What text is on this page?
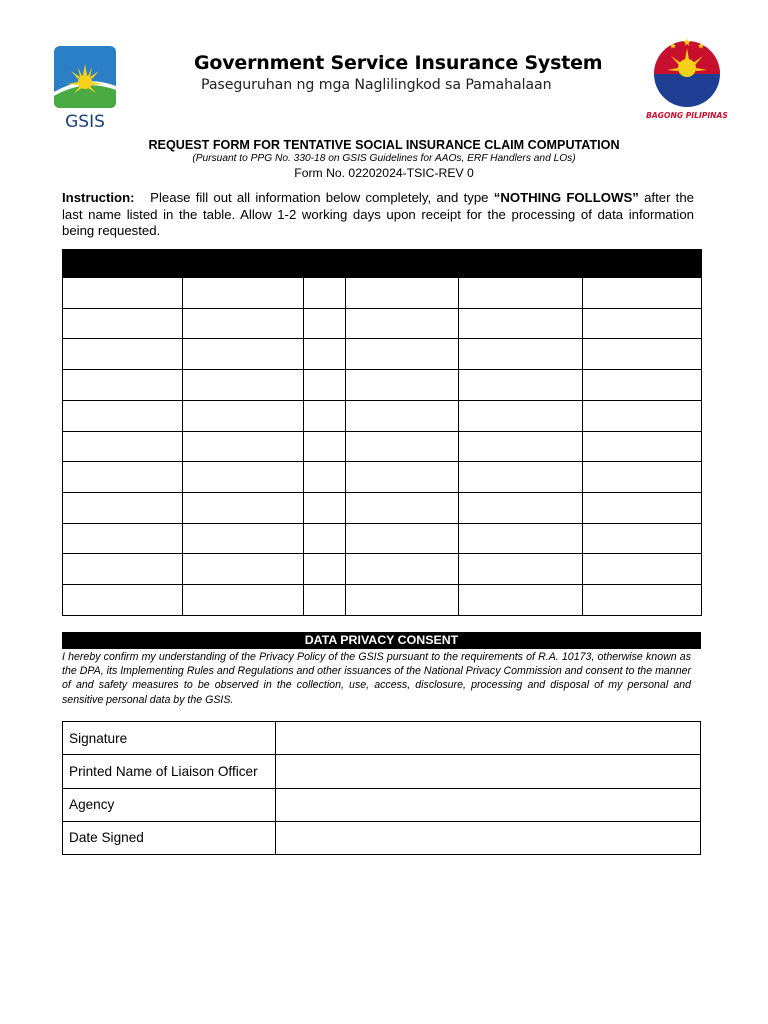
GSIS
Government Service Insurance System
Paseguruhan ng mga Naglilingkod sa Pamahalaan
BAGONG PILIPINAS
REQUEST FORM FOR TENTATIVE SOCIAL INSURANCE CLAIM COMPUTATION
(Pursuant to PPG No. 330-18 on GSIS Guidelines for AAOs, ERF Handlers and LOs)
Form No. 02202024-TSIC-REV 0
Instruction: Please fill out all information below completely, and type “NOTHING FOLLOWS” after the last name listed in the table. Allow 1-2 working days upon receipt for the processing of data information being requested.

DATA PRIVACY CONSENT
I hereby confirm my understanding of the Privacy Policy of the GSIS pursuant to the requirements of R.A. 10173, otherwise known as the DPA, its Implementing Rules and Regulations and other issuances of the National Privacy Commission and consent to the manner of and safety measures to be observed in the collection, use, access, disclosure, processing and disposal of my personal and sensitive personal data by the GSIS.
Signature	
Printed Name of Liaison Officer	
Agency	
Date Signed	
